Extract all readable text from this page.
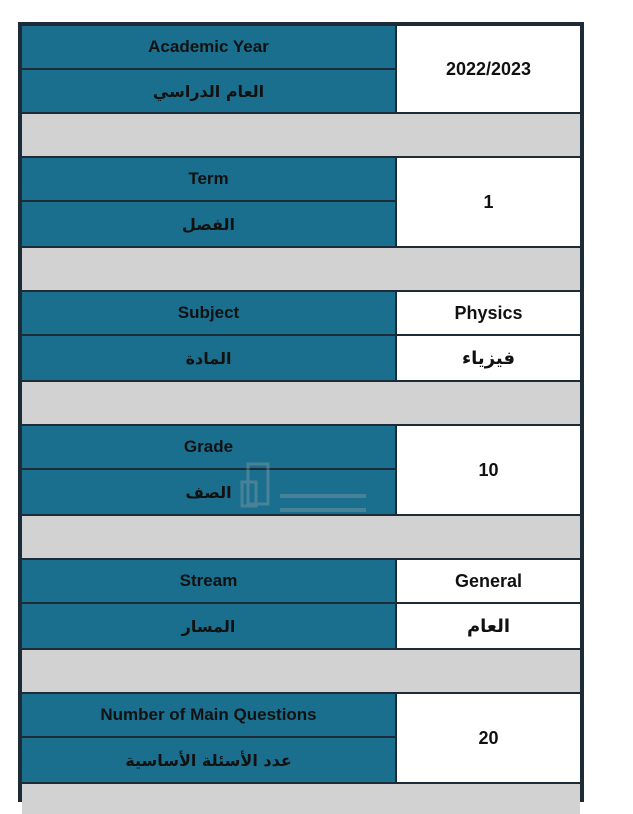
Academic Year
العام الدراسي
2022/2023
Term
الفصل
1
Subject
المادة
Physics
فيزياء
Grade
الصف
10
Stream
المسار
General
العام
Number of Main Questions
عدد الأسئلة الأساسية
20
